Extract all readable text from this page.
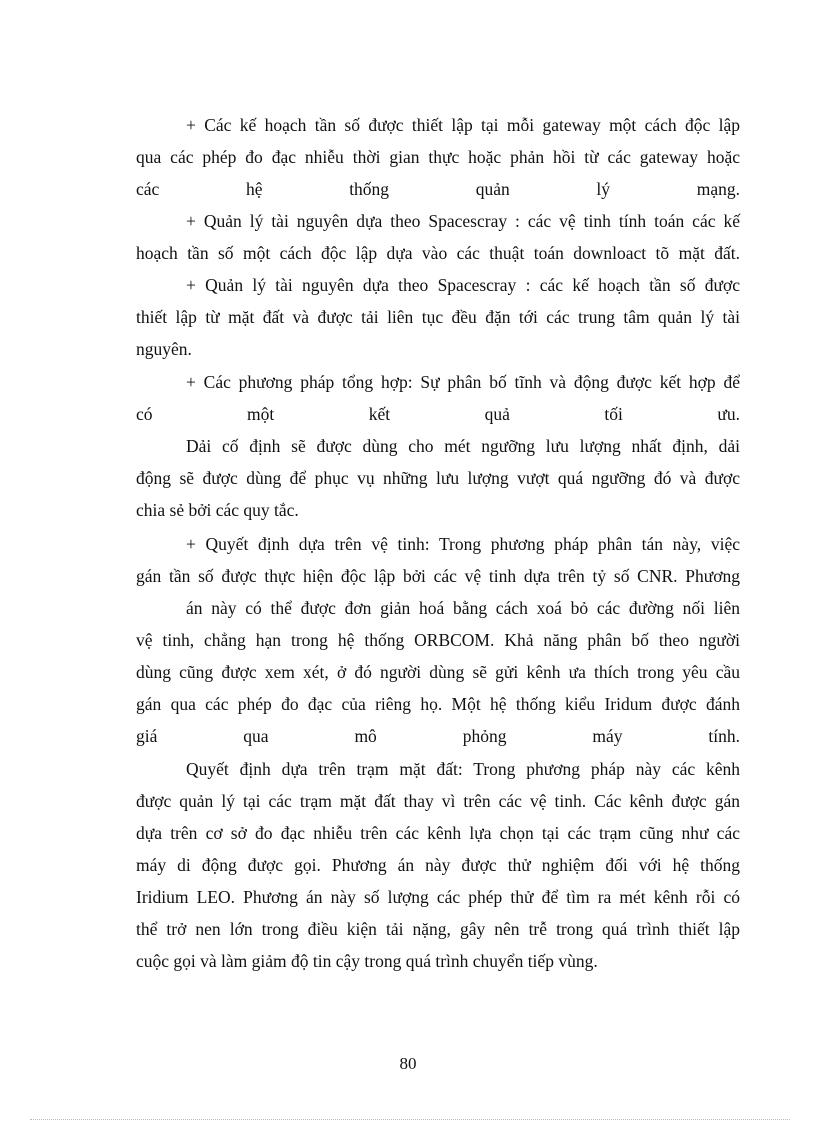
+ Các kế hoạch tần số được thiết lập tại mỗi gateway một cách độc lập
qua các phép đo đạc nhiễu thời gian thực hoặc phản hồi từ các gateway hoặc
các hệ thống quản lý mạng.
+ Quản lý tài nguyên dựa theo Spacescray : các vệ tinh tính toán các kế
hoạch tần số một cách độc lập dựa vào các thuật toán downloact tõ mặt đất.
+ Quản lý tài nguyên dựa theo Spacescray : các kế hoạch tần số được
thiết lập từ mặt đất và được tải liên tục đều đặn tới các trung tâm quản lý tài
nguyên.
+ Các phương pháp tổng hợp: Sự phân bố tĩnh và động được kết hợp để
có một kết quả tối ưu.
Dải cố định sẽ được dùng cho mét ngưỡng lưu lượng nhất định, dải
động sẽ được dùng để phục vụ những lưu lượng vượt quá ngưỡng đó và được
chia sẻ bởi các quy tắc.
+ Quyết định dựa trên vệ tinh: Trong phương pháp phân tán này, việc
gán tần số được thực hiện độc lập bởi các vệ tinh dựa trên tỷ số CNR. Phương
án này có thể được đơn giản hoá bằng cách xoá bỏ các đường nối liên
vệ tinh, chẳng hạn trong hệ thống ORBCOM. Khả năng phân bố theo người
dùng cũng được xem xét, ở đó người dùng sẽ gửi kênh ưa thích trong yêu cầu
gán qua các phép đo đạc của riêng họ. Một hệ thống kiểu Iridum được đánh
giá qua mô phỏng máy tính.
Quyết định dựa trên trạm mặt đất: Trong phương pháp này các kênh
được quản lý tại các trạm mặt đất thay vì trên các vệ tinh. Các kênh được gán
dựa trên cơ sở đo đạc nhiễu trên các kênh lựa chọn tại các trạm cũng như các
máy di động được gọi. Phương án này được thử nghiệm đối với hệ thống
Iridium LEO. Phương án này số lượng các phép thử để tìm ra mét kênh rỗi có
thể trở nen lớn trong điều kiện tải nặng, gây nên trễ trong quá trình thiết lập
cuộc gọi và làm giảm độ tin cậy trong quá trình chuyển tiếp vùng.
80
